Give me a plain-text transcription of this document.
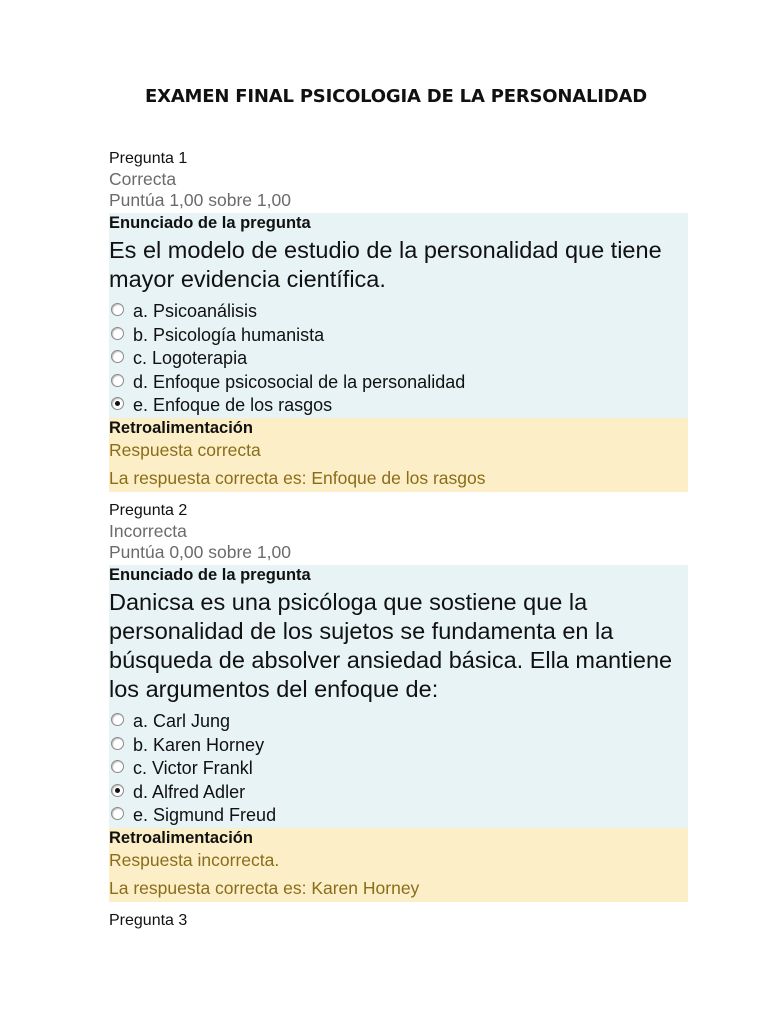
EXAMEN FINAL PSICOLOGIA DE LA PERSONALIDAD
Pregunta 1
Correcta
Puntúa 1,00 sobre 1,00
Enunciado de la pregunta
Es el modelo de estudio de la personalidad que tiene mayor evidencia científica.
a. Psicoanálisis
b. Psicología humanista
c. Logoterapia
d. Enfoque psicosocial de la personalidad
e. Enfoque de los rasgos
Retroalimentación
Respuesta correcta
La respuesta correcta es: Enfoque de los rasgos
Pregunta 2
Incorrecta
Puntúa 0,00 sobre 1,00
Enunciado de la pregunta
Danicsa es una psicóloga que sostiene que la personalidad de los sujetos se fundamenta en la búsqueda de absolver ansiedad básica. Ella mantiene los argumentos del enfoque de:
a. Carl Jung
b. Karen Horney
c. Victor Frankl
d. Alfred Adler
e. Sigmund Freud
Retroalimentación
Respuesta incorrecta.
La respuesta correcta es: Karen Horney
Pregunta 3
